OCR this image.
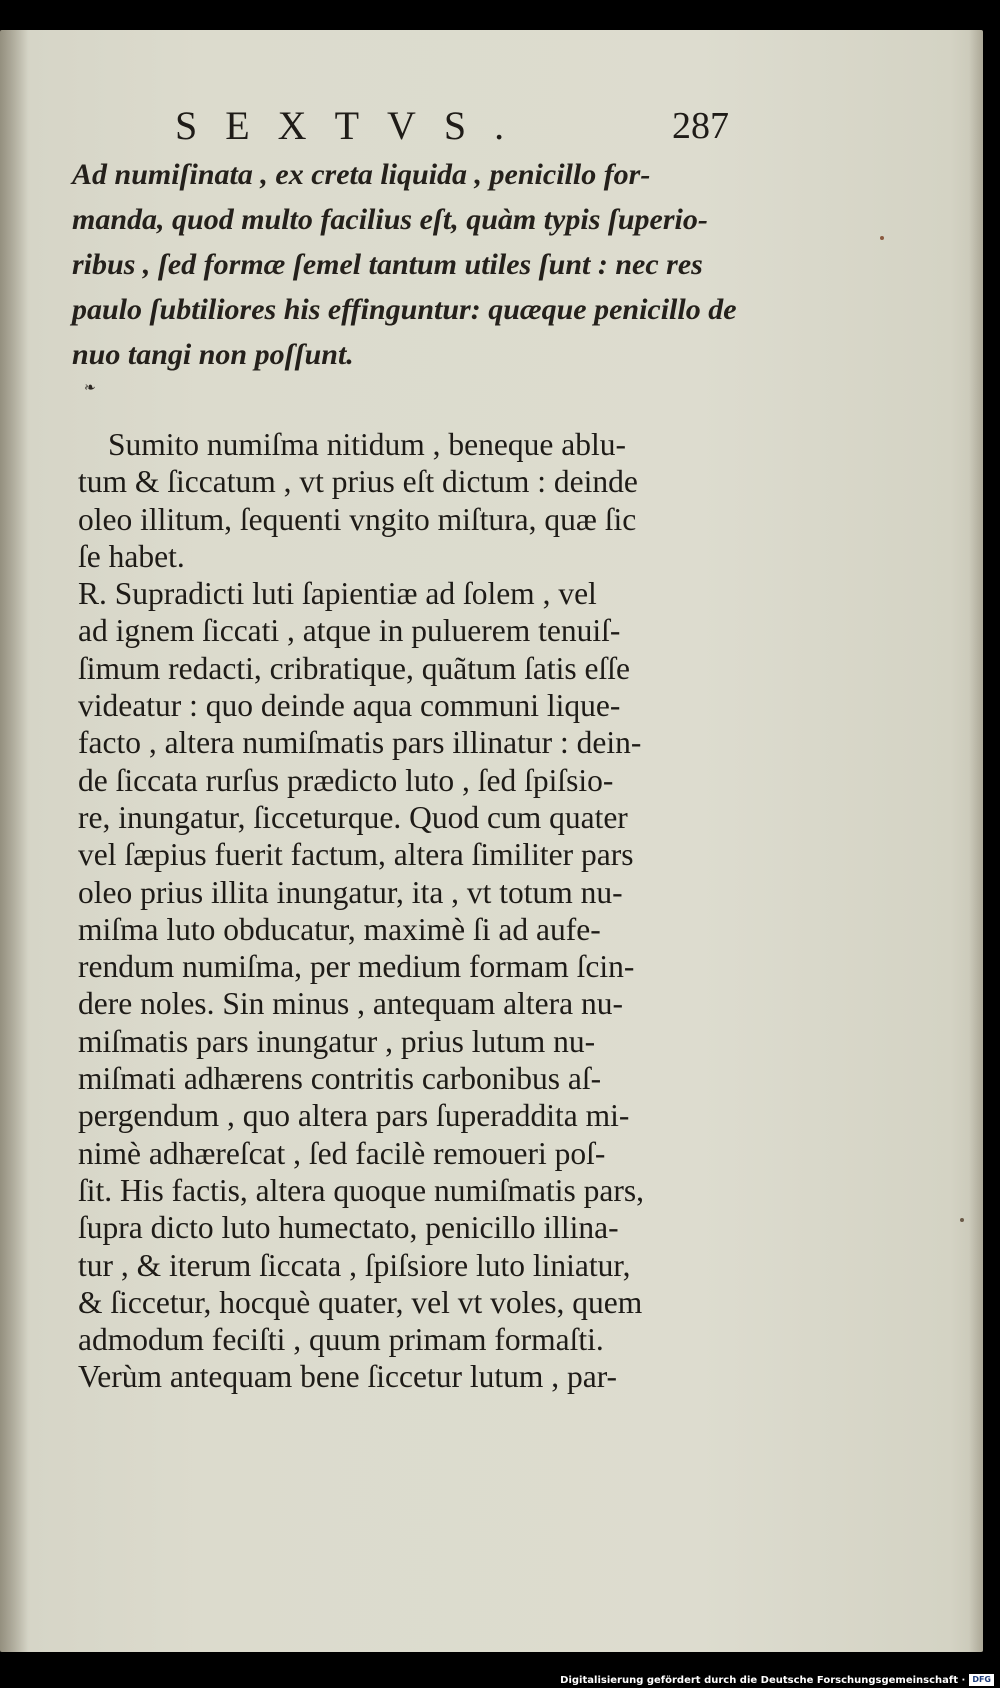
SEXTVS.	287
Ad numiſinata , ex creta liquida , penicillo for-
manda, quod multo facilius eſt, quàm typis ſuperio-
ribus , ſed formæ ſemel tantum utiles ſunt : nec res
paulo ſubtiliores his effinguntur: quæque penicillo de
nuo tangi non poſſunt.
❧
Sumito numiſma nitidum , beneque ablu-
tum & ſiccatum , vt prius eſt dictum : deinde
oleo illitum, ſequenti vngito miſtura, quæ ſic
ſe habet.
R. Supradicti luti ſapientiæ ad ſolem , vel
ad ignem ſiccati , atque in puluerem tenuiſ-
ſimum redacti, cribratique, quãtum ſatis eſſe
videatur : quo deinde aqua communi lique-
facto , altera numiſmatis pars illinatur : dein-
de ſiccata rurſus prædicto luto , ſed ſpiſsio-
re, inungatur, ſicceturque. Quod cum quater
vel ſæpius fuerit factum, altera ſimiliter pars
oleo prius illita inungatur, ita , vt totum nu-
miſma luto obducatur, maximè ſi ad aufe-
rendum numiſma, per medium formam ſcin-
dere noles. Sin minus , antequam altera nu-
miſmatis pars inungatur , prius lutum nu-
miſmati adhærens contritis carbonibus aſ-
pergendum , quo altera pars ſuperaddita mi-
nimè adhæreſcat , ſed facilè remoueri poſ-
ſit. His factis, altera quoque numiſmatis pars,
ſupra dicto luto humectato, penicillo illina-
tur , & iterum ſiccata , ſpiſsiore luto liniatur,
& ſiccetur, hocquè quater, vel vt voles, quem
admodum feciſti , quum primam formaſti.
Verùm antequam bene ſiccetur lutum , par-
Digitalisierung gefördert durch die Deutsche Forschungsgemeinschaft · DFG
